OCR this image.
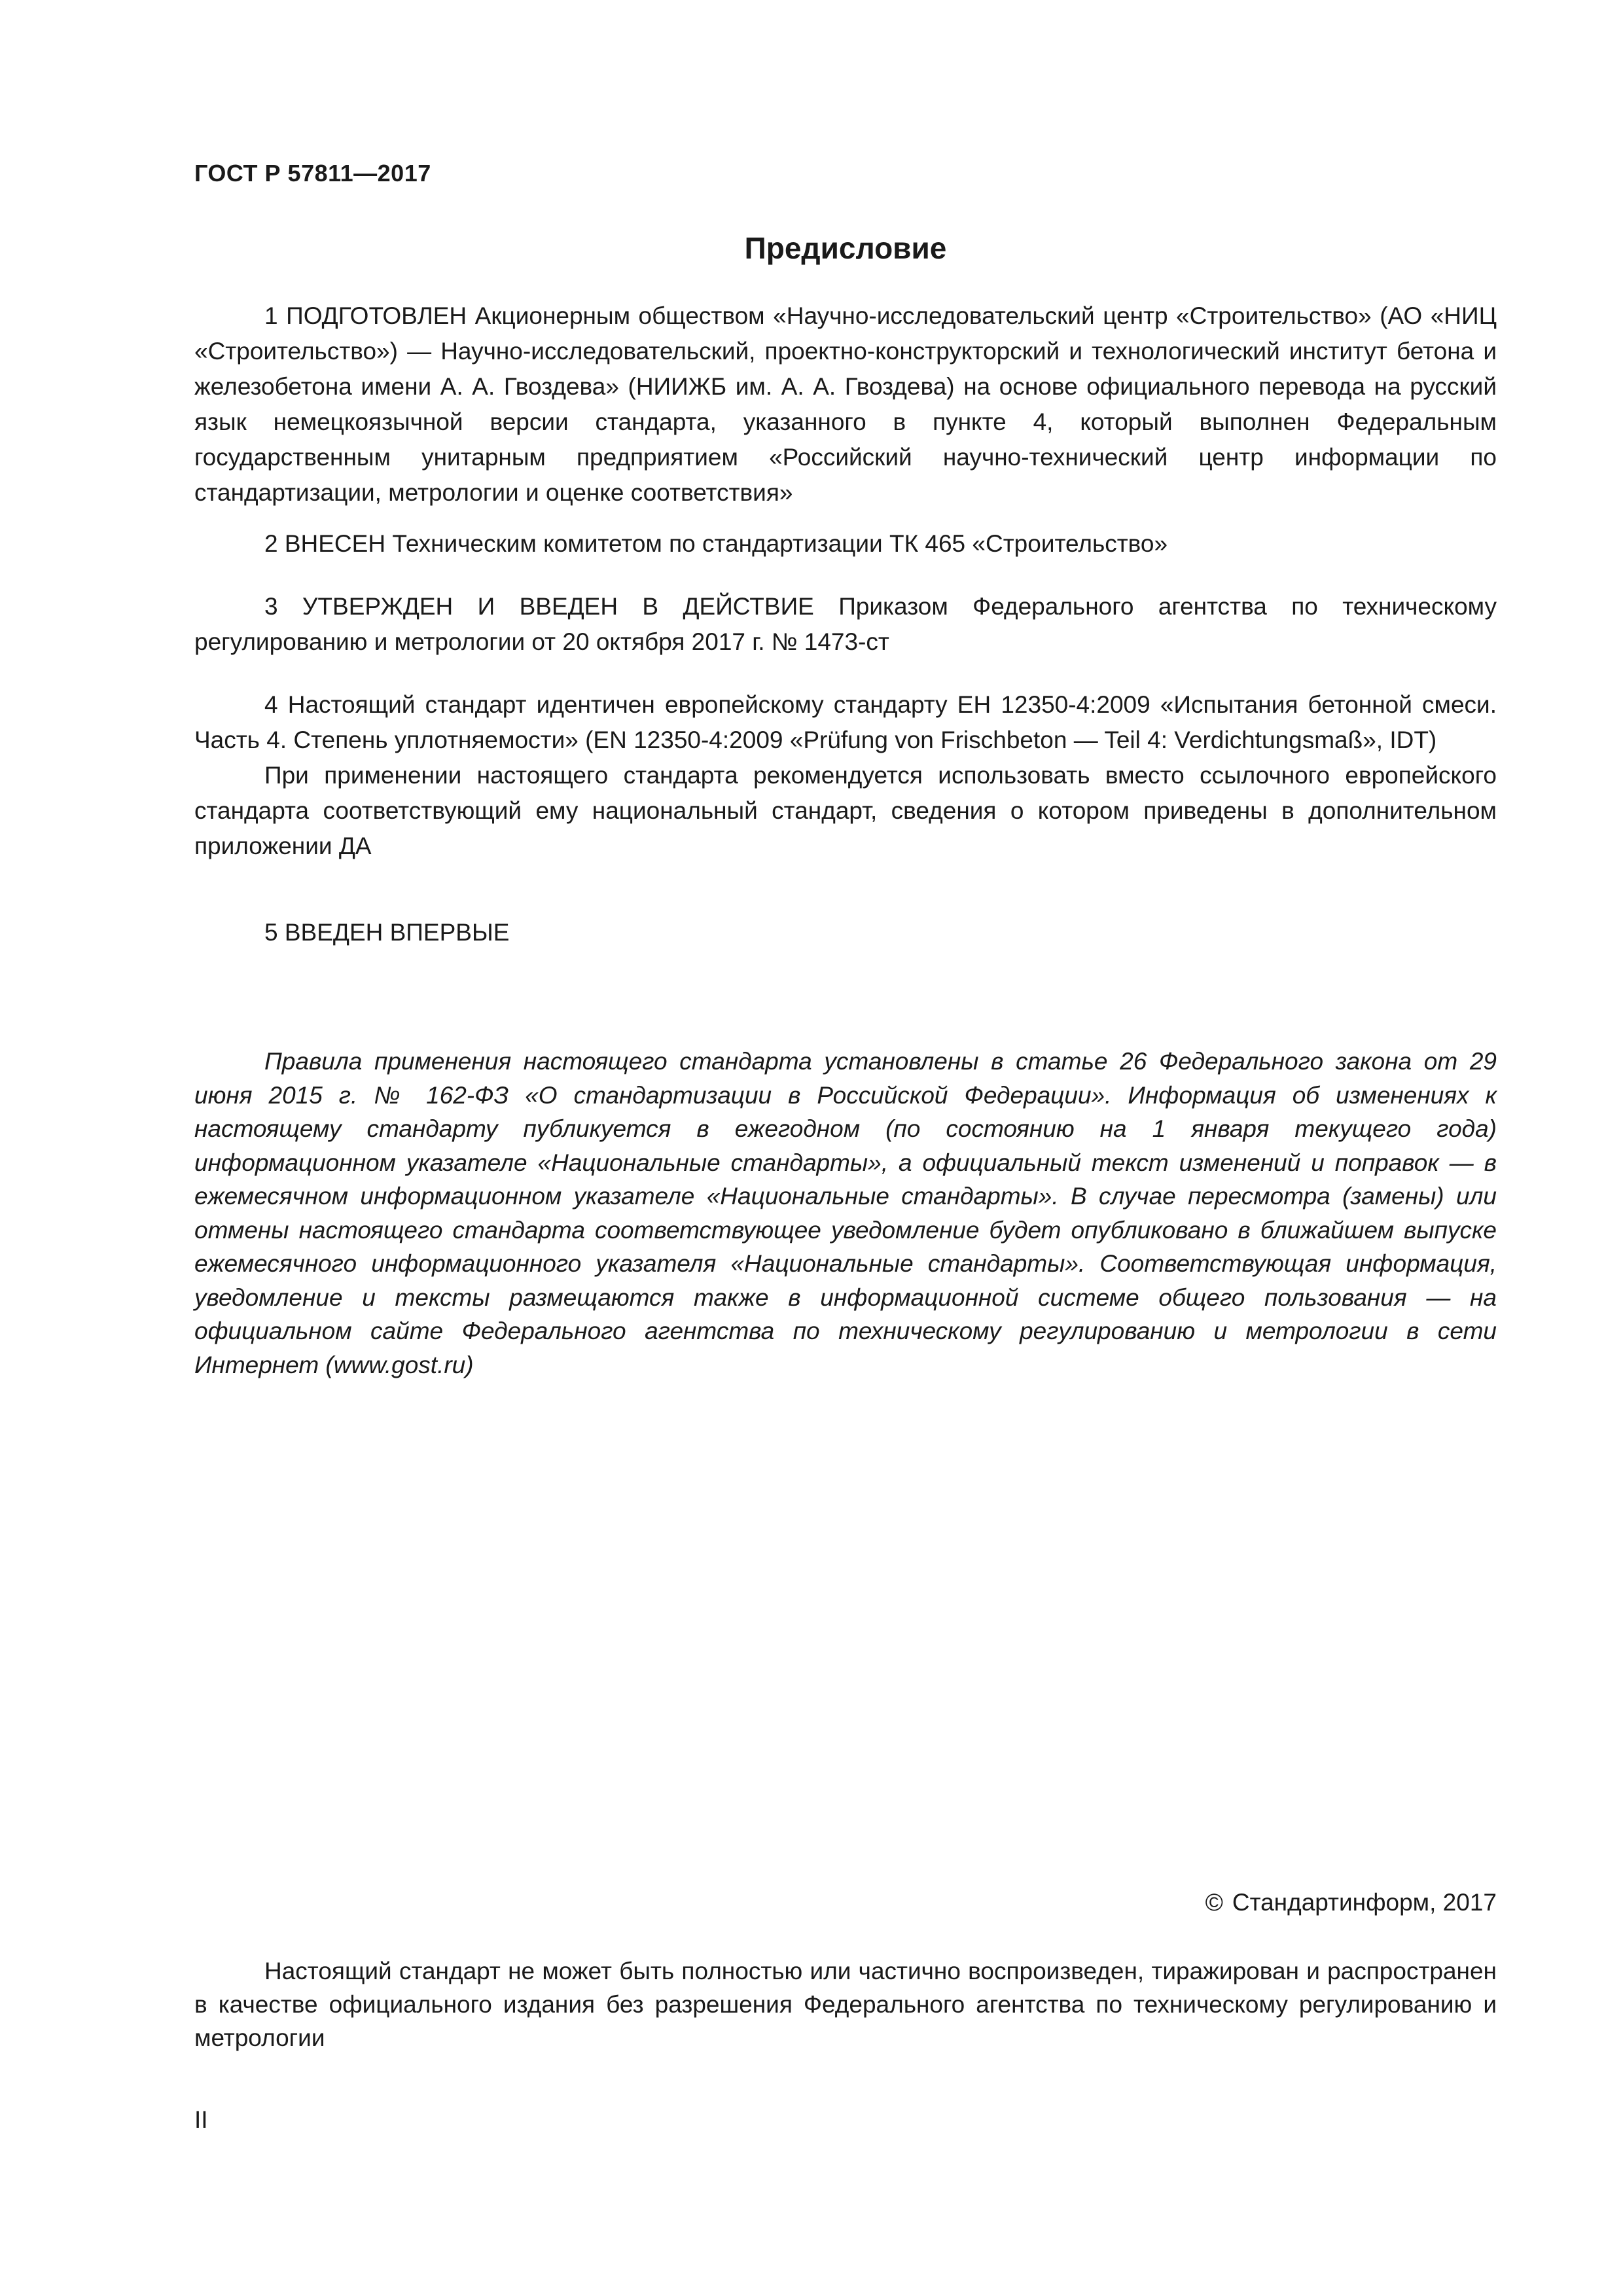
ГОСТ Р 57811—2017
Предисловие

1 ПОДГОТОВЛЕН Акционерным обществом «Научно-исследовательский центр «Строительство» (АО «НИЦ «Строительство») — Научно-исследовательский, проектно-конструкторский и технологический институт бетона и железобетона имени А. А. Гвоздева» (НИИЖБ им. А. А. Гвоздева) на основе официального перевода на русский язык немецкоязычной версии стандарта, указанного в пункте 4, который выполнен Федеральным государственным унитарным предприятием «Российский научно-технический центр информации по стандартизации, метрологии и оценке соответствия»

2 ВНЕСЕН Техническим комитетом по стандартизации ТК 465 «Строительство»

3 УТВЕРЖДЕН И ВВЕДЕН В ДЕЙСТВИЕ Приказом Федерального агентства по техническому регулированию и метрологии от 20 октября 2017 г. № 1473-ст

4 Настоящий стандарт идентичен европейскому стандарту ЕН 12350-4:2009 «Испытания бетонной смеси. Часть 4. Степень уплотняемости» (EN 12350-4:2009 «Prüfung von Frischbeton — Teil 4: Verdichtungsmaß», IDT)

При применении настоящего стандарта рекомендуется использовать вместо ссылочного европейского стандарта соответствующий ему национальный стандарт, сведения о котором приведены в дополнительном приложении ДА

5 ВВЕДЕН ВПЕРВЫЕ

Правила применения настоящего стандарта установлены в статье 26 Федерального закона от 29 июня 2015 г. № 162-ФЗ «О стандартизации в Российской Федерации». Информация об изменениях к настоящему стандарту публикуется в ежегодном (по состоянию на 1 января текущего года) информационном указателе «Национальные стандарты», а официальный текст изменений и поправок — в ежемесячном информационном указателе «Национальные стандарты». В случае пересмотра (замены) или отмены настоящего стандарта соответствующее уведомление будет опубликовано в ближайшем выпуске ежемесячного информационного указателя «Национальные стандарты». Соответствующая информация, уведомление и тексты размещаются также в информационной системе общего пользования — на официальном сайте Федерального агентства по техническому регулированию и метрологии в сети Интернет (www.gost.ru)

© Стандартинформ, 2017

Настоящий стандарт не может быть полностью или частично воспроизведен, тиражирован и распространен в качестве официального издания без разрешения Федерального агентства по техническому регулированию и метрологии

II
